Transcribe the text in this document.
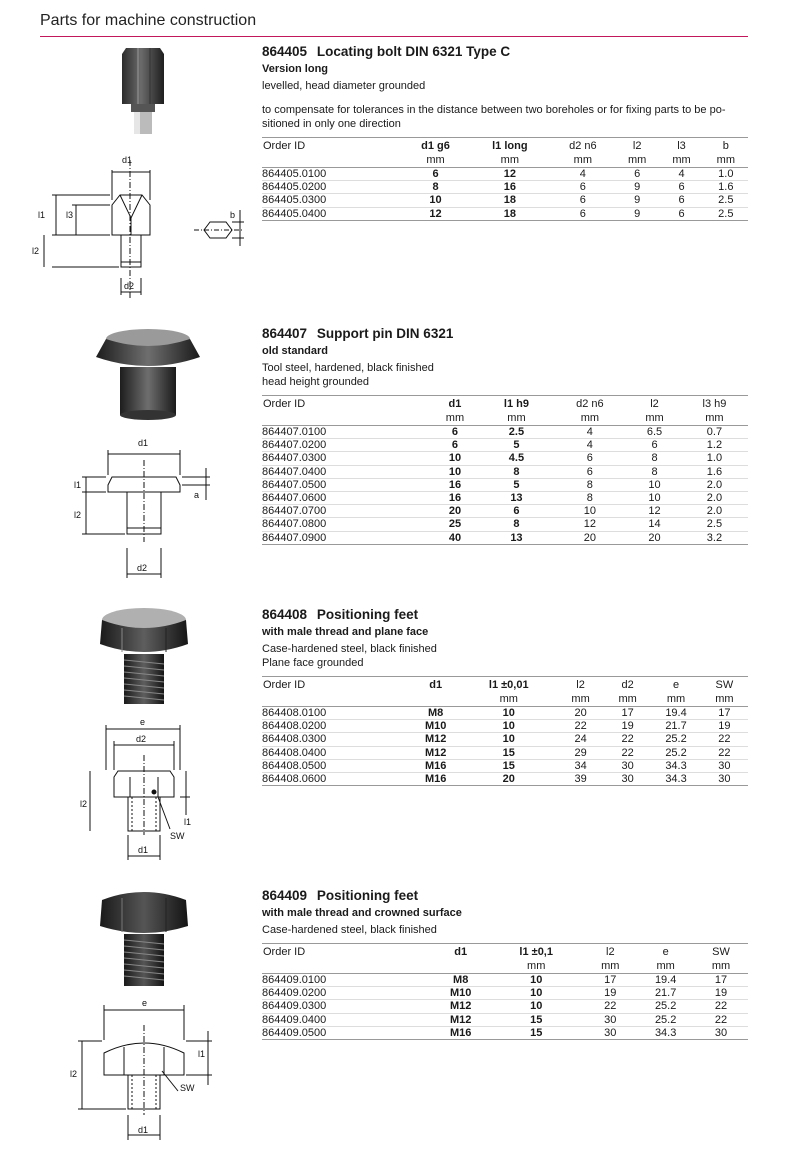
Parts for machine construction
d1
l1 l3
l2
d2
b
864405 Locating bolt DIN 6321 Type C
Version long

levelled, head diameter grounded

to compensate for tolerances in the distance between two boreholes or for fixing parts to be po-sitioned in only one direction

Order ID	d1 g6	l1 long	d2 n6	l2	l3	b
	mm	mm	mm	mm	mm	mm
864405.0100	6	12	4	6	4	1.0
864405.0200	8	16	6	9	6	1.6
864405.0300	10	18	6	9	6	2.5
864405.0400	12	18	6	9	6	2.5
d1
l1
l2
a
d2
864407 Support pin DIN 6321
old standard

Tool steel, hardened, black finished

head height grounded

Order ID	d1	l1 h9	d2 n6	l2	l3 h9
	mm	mm	mm	mm	mm
864407.0100	6	2.5	4	6.5	0.7
864407.0200	6	5	4	6	1.2
864407.0300	10	4.5	6	8	1.0
864407.0400	10	8	6	8	1.6
864407.0500	16	5	8	10	2.0
864407.0600	16	13	8	10	2.0
864407.0700	20	6	10	12	2.0
864407.0800	25	8	12	14	2.5
864407.0900	40	13	20	20	3.2
e
d2
l2
l1
SW
d1
864408 Positioning feet
with male thread and plane face

Case-hardened steel, black finished

Plane face grounded

Order ID	d1	l1 ±0,01	l2	d2	e	SW
		mm	mm	mm	mm	mm
864408.0100	M8	10	20	17	19.4	17
864408.0200	M10	10	22	19	21.7	19
864408.0300	M12	10	24	22	25.2	22
864408.0400	M12	15	29	22	25.2	22
864408.0500	M16	15	34	30	34.3	30
864408.0600	M16	20	39	30	34.3	30
e
l1
l2
SW
d1
864409 Positioning feet
with male thread and crowned surface

Case-hardened steel, black finished

Order ID	d1	l1 ±0,1	l2	e	SW
		mm	mm	mm	mm
864409.0100	M8	10	17	19.4	17
864409.0200	M10	10	19	21.7	19
864409.0300	M12	10	22	25.2	22
864409.0400	M12	15	30	25.2	22
864409.0500	M16	15	30	34.3	30
